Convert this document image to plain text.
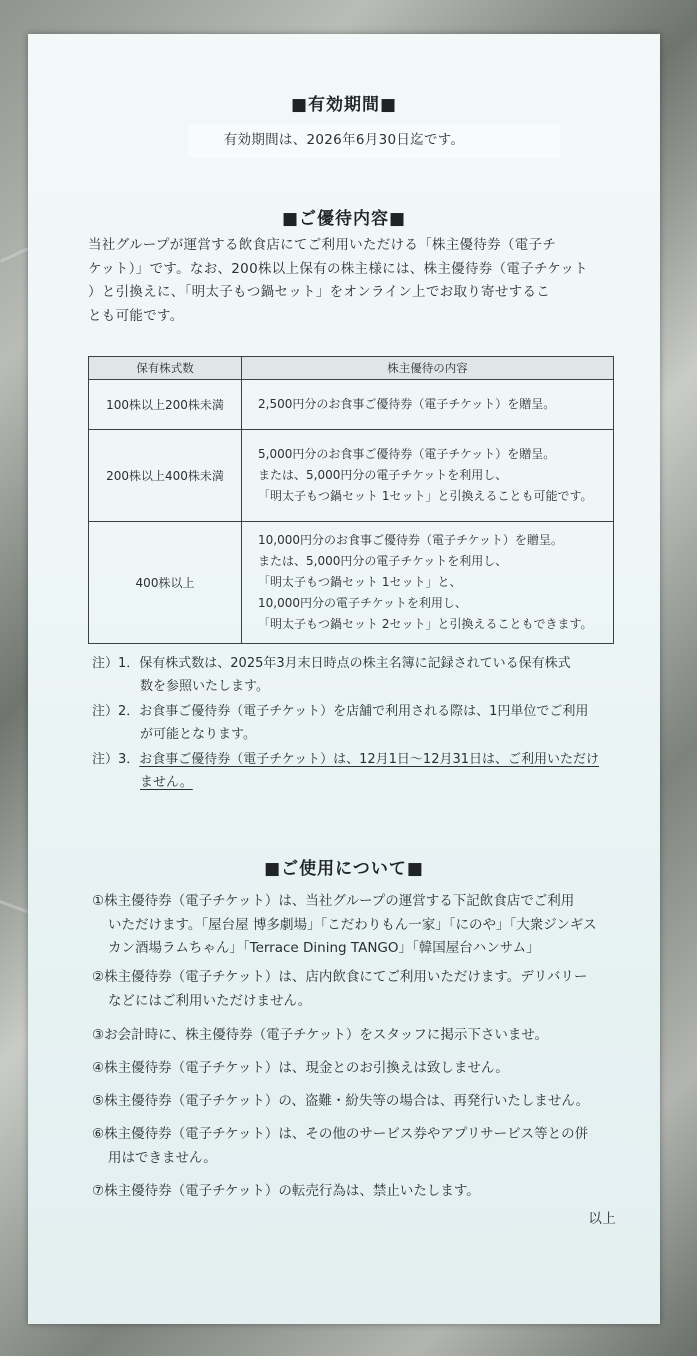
■有効期間■
有効期間は、2026年6月30日迄です。
■ご優待内容■
当社グループが運営する飲食店にてご利用いただける「株主優待券（電子チ
ケット）」です。なお、200株以上保有の株主様には、株主優待券（電子チケット
）と引換えに、「明太子もつ鍋セット」をオンライン上でお取り寄せするこ
とも可能です。
保有株式数	株主優待の内容
100株以上200株未満	2,500円分のお食事ご優待券（電子チケット）を贈呈。

200株以上400株未満	5,000円分のお食事ご優待券（電子チケット）を贈呈。
または、5,000円分の電子チケットを利用し、
「明太子もつ鍋セット 1セット」と引換えることも可能です。

400株以上	10,000円分のお食事ご優待券（電子チケット）を贈呈。
または、5,000円分の電子チケットを利用し、
「明太子もつ鍋セット 1セット」と、
10,000円分の電子チケットを利用し、
「明太子もつ鍋セット 2セット」と引換えることもできます。
注）1．保有株式数は、2025年3月末日時点の株主名簿に記録されている保有株式
数を参照いたします。
注）2．お食事ご優待券（電子チケット）を店舗で利用される際は、1円単位でご利用
が可能となります。
注）3．お食事ご優待券（電子チケット）は、12月1日〜12月31日は、ご利用いただけ
ません。
■ご使用について■
①株主優待券（電子チケット）は、当社グループの運営する下記飲食店でご利用
いただけます。「屋台屋 博多劇場」「こだわりもん一家」「にのや」「大衆ジンギス
カン酒場ラムちゃん」「Terrace Dining TANGO」「韓国屋台ハンサム」
②株主優待券（電子チケット）は、店内飲食にてご利用いただけます。デリバリー
などにはご利用いただけません。
③お会計時に、株主優待券（電子チケット）をスタッフに掲示下さいませ。
④株主優待券（電子チケット）は、現金とのお引換えは致しません。
⑤株主優待券（電子チケット）の、盗難・紛失等の場合は、再発行いたしません。
⑥株主優待券（電子チケット）は、その他のサービス券やアプリサービス等との併
用はできません。
⑦株主優待券（電子チケット）の転売行為は、禁止いたします。
以上
